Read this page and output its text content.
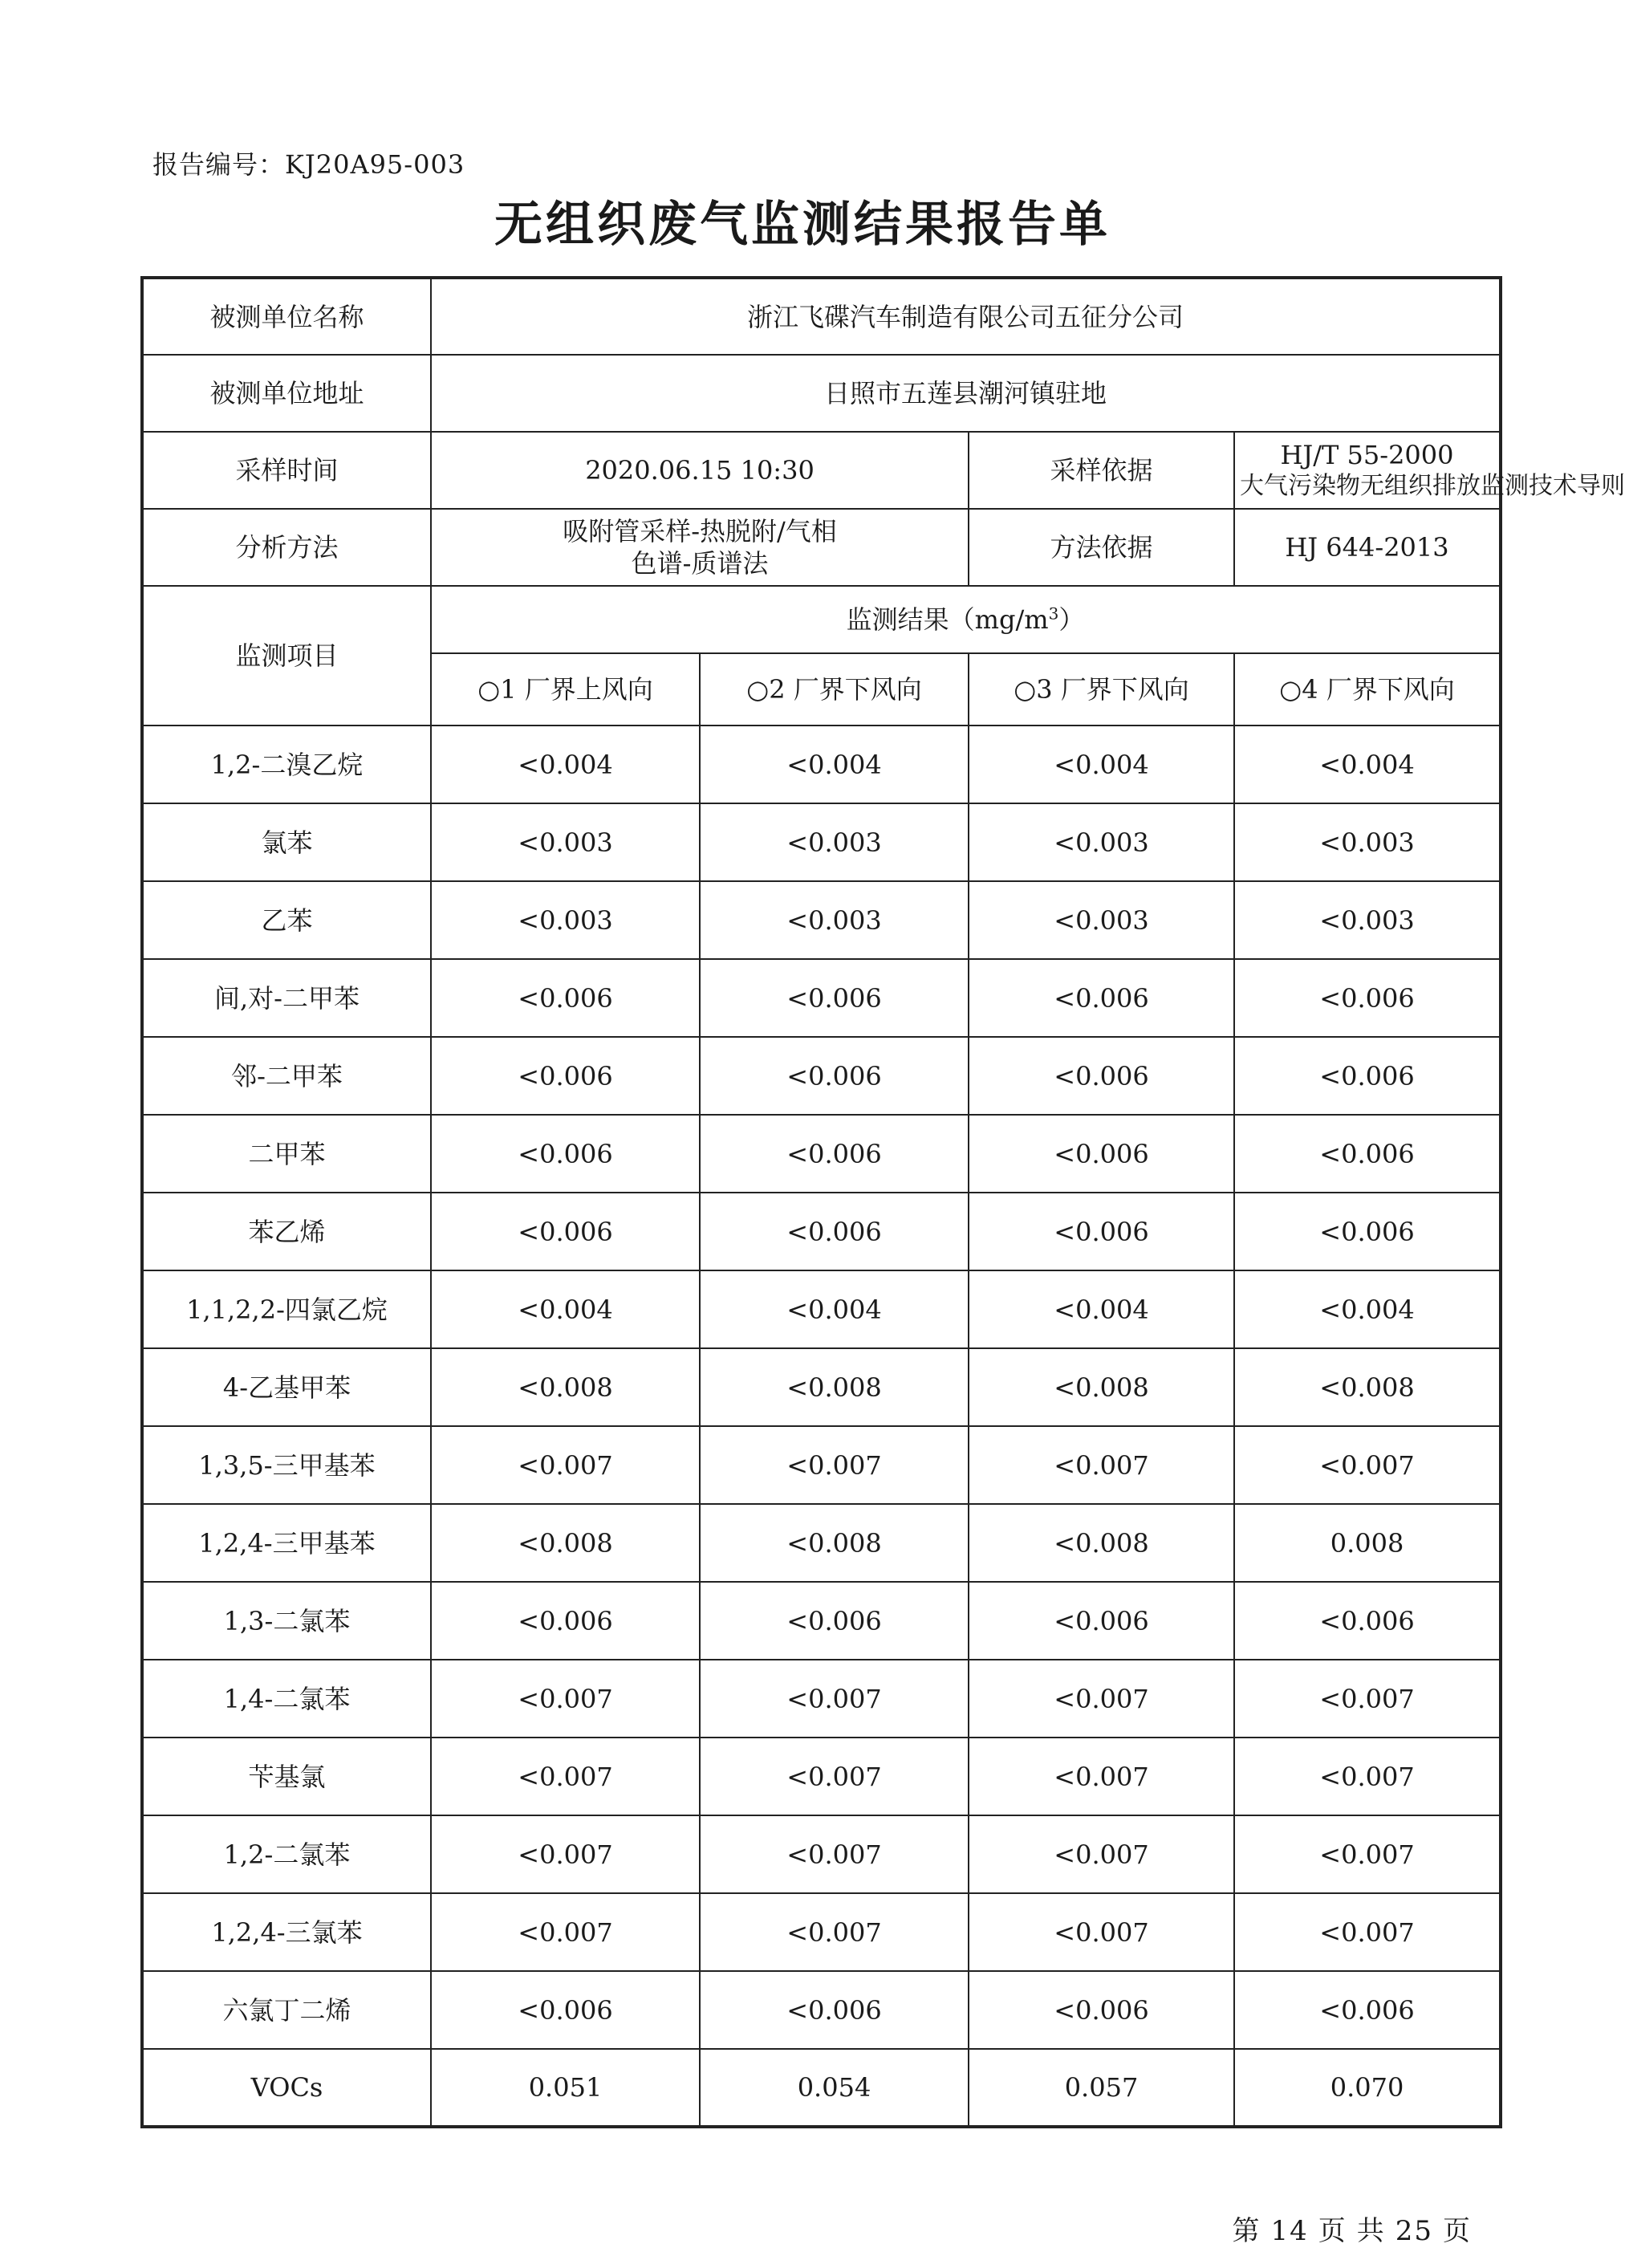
报告编号：KJ20A95-003
无组织废气监测结果报告单
被测单位名称	浙江飞碟汽车制造有限公司五征分公司			
被测单位地址	日照市五莲县潮河镇驻地			
采样时间	2020.06.15 10:30		采样依据	HJ/T 55-2000
大气污染物无组织排放监测技术导则

分析方法	吸附管采样-热脱附/气相
色谱-质谱法		方法依据	HJ 644-2013
监测项目	监测结果$(mg/m^3)$			
	○1 厂界上风向	○2 厂界下风向	○3 厂界下风向	○4 厂界下风向
1,2-二溴乙烷	<0.004	<0.004	<0.004	<0.004
氯苯	<0.003	<0.003	<0.003	<0.003
乙苯	<0.003	<0.003	<0.003	<0.003
间,对-二甲苯	<0.006	<0.006	<0.006	<0.006
邻-二甲苯	<0.006	<0.006	<0.006	<0.006
二甲苯	<0.006	<0.006	<0.006	<0.006
苯乙烯	<0.006	<0.006	<0.006	<0.006
1,1,2,2-四氯乙烷	<0.004	<0.004	<0.004	<0.004
4-乙基甲苯	<0.008	<0.008	<0.008	<0.008
1,3,5-三甲基苯	<0.007	<0.007	<0.007	<0.007
1,2,4-三甲基苯	<0.008	<0.008	<0.008	0.008
1,3-二氯苯	<0.006	<0.006	<0.006	<0.006
1,4-二氯苯	<0.007	<0.007	<0.007	<0.007
苄基氯	<0.007	<0.007	<0.007	<0.007
1,2-二氯苯	<0.007	<0.007	<0.007	<0.007
1,2,4-三氯苯	<0.007	<0.007	<0.007	<0.007
六氯丁二烯	<0.006	<0.006	<0.006	<0.006
VOCs	0.051	0.054	0.057	0.070
第 14 页 共 25 页
